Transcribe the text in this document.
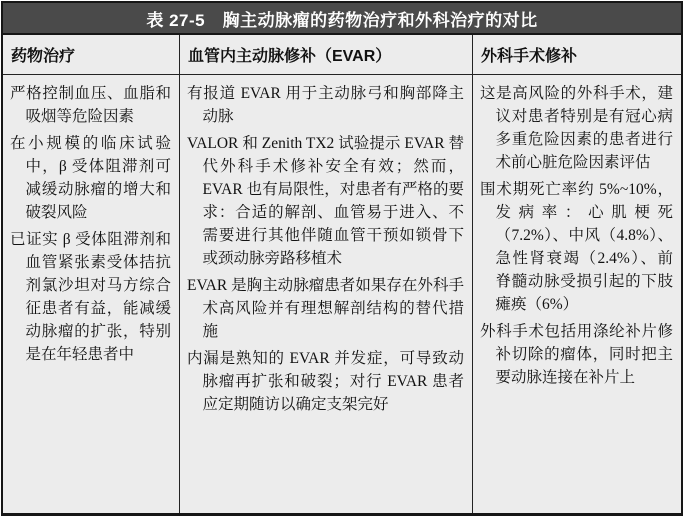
表 27-5　胸主动脉瘤的药物治疗和外科治疗的对比
药物治疗	血管内主动脉修补（EVAR）	外科手术修补

严格控制血压、血脂和吸烟等危险因素

在小规模的临床试验中，β 受体阻滞剂可减缓动脉瘤的增大和破裂风险

已证实 β 受体阻滞剂和血管紧张素受体拮抗剂氯沙坦对马方综合征患者有益，能减缓动脉瘤的扩张，特别是在年轻患者中

有报道 EVAR 用于主动脉弓和胸部降主动脉

VALOR 和 Zenith TX2 试验提示 EVAR 替代外科手术修补安全有效；然而，EVAR 也有局限性，对患者有严格的要求：合适的解剖、血管易于进入、不需要进行其他伴随血管干预如锁骨下或颈动脉旁路移植术

EVAR 是胸主动脉瘤患者如果存在外科手术高风险并有理想解剖结构的替代措施

内漏是熟知的 EVAR 并发症，可导致动脉瘤再扩张和破裂；对行 EVAR 患者应定期随访以确定支架完好

这是高风险的外科手术，建议对患者特别是有冠心病多重危险因素的患者进行术前心脏危险因素评估

围术期死亡率约 5%~10%，发病率：心肌梗死（7.2%）、中风（4.8%）、急性肾衰竭（2.4%）、前脊髓动脉受损引起的下肢瘫痪（6%）

外科手术包括用涤纶补片修补切除的瘤体，同时把主要动脉连接在补片上
